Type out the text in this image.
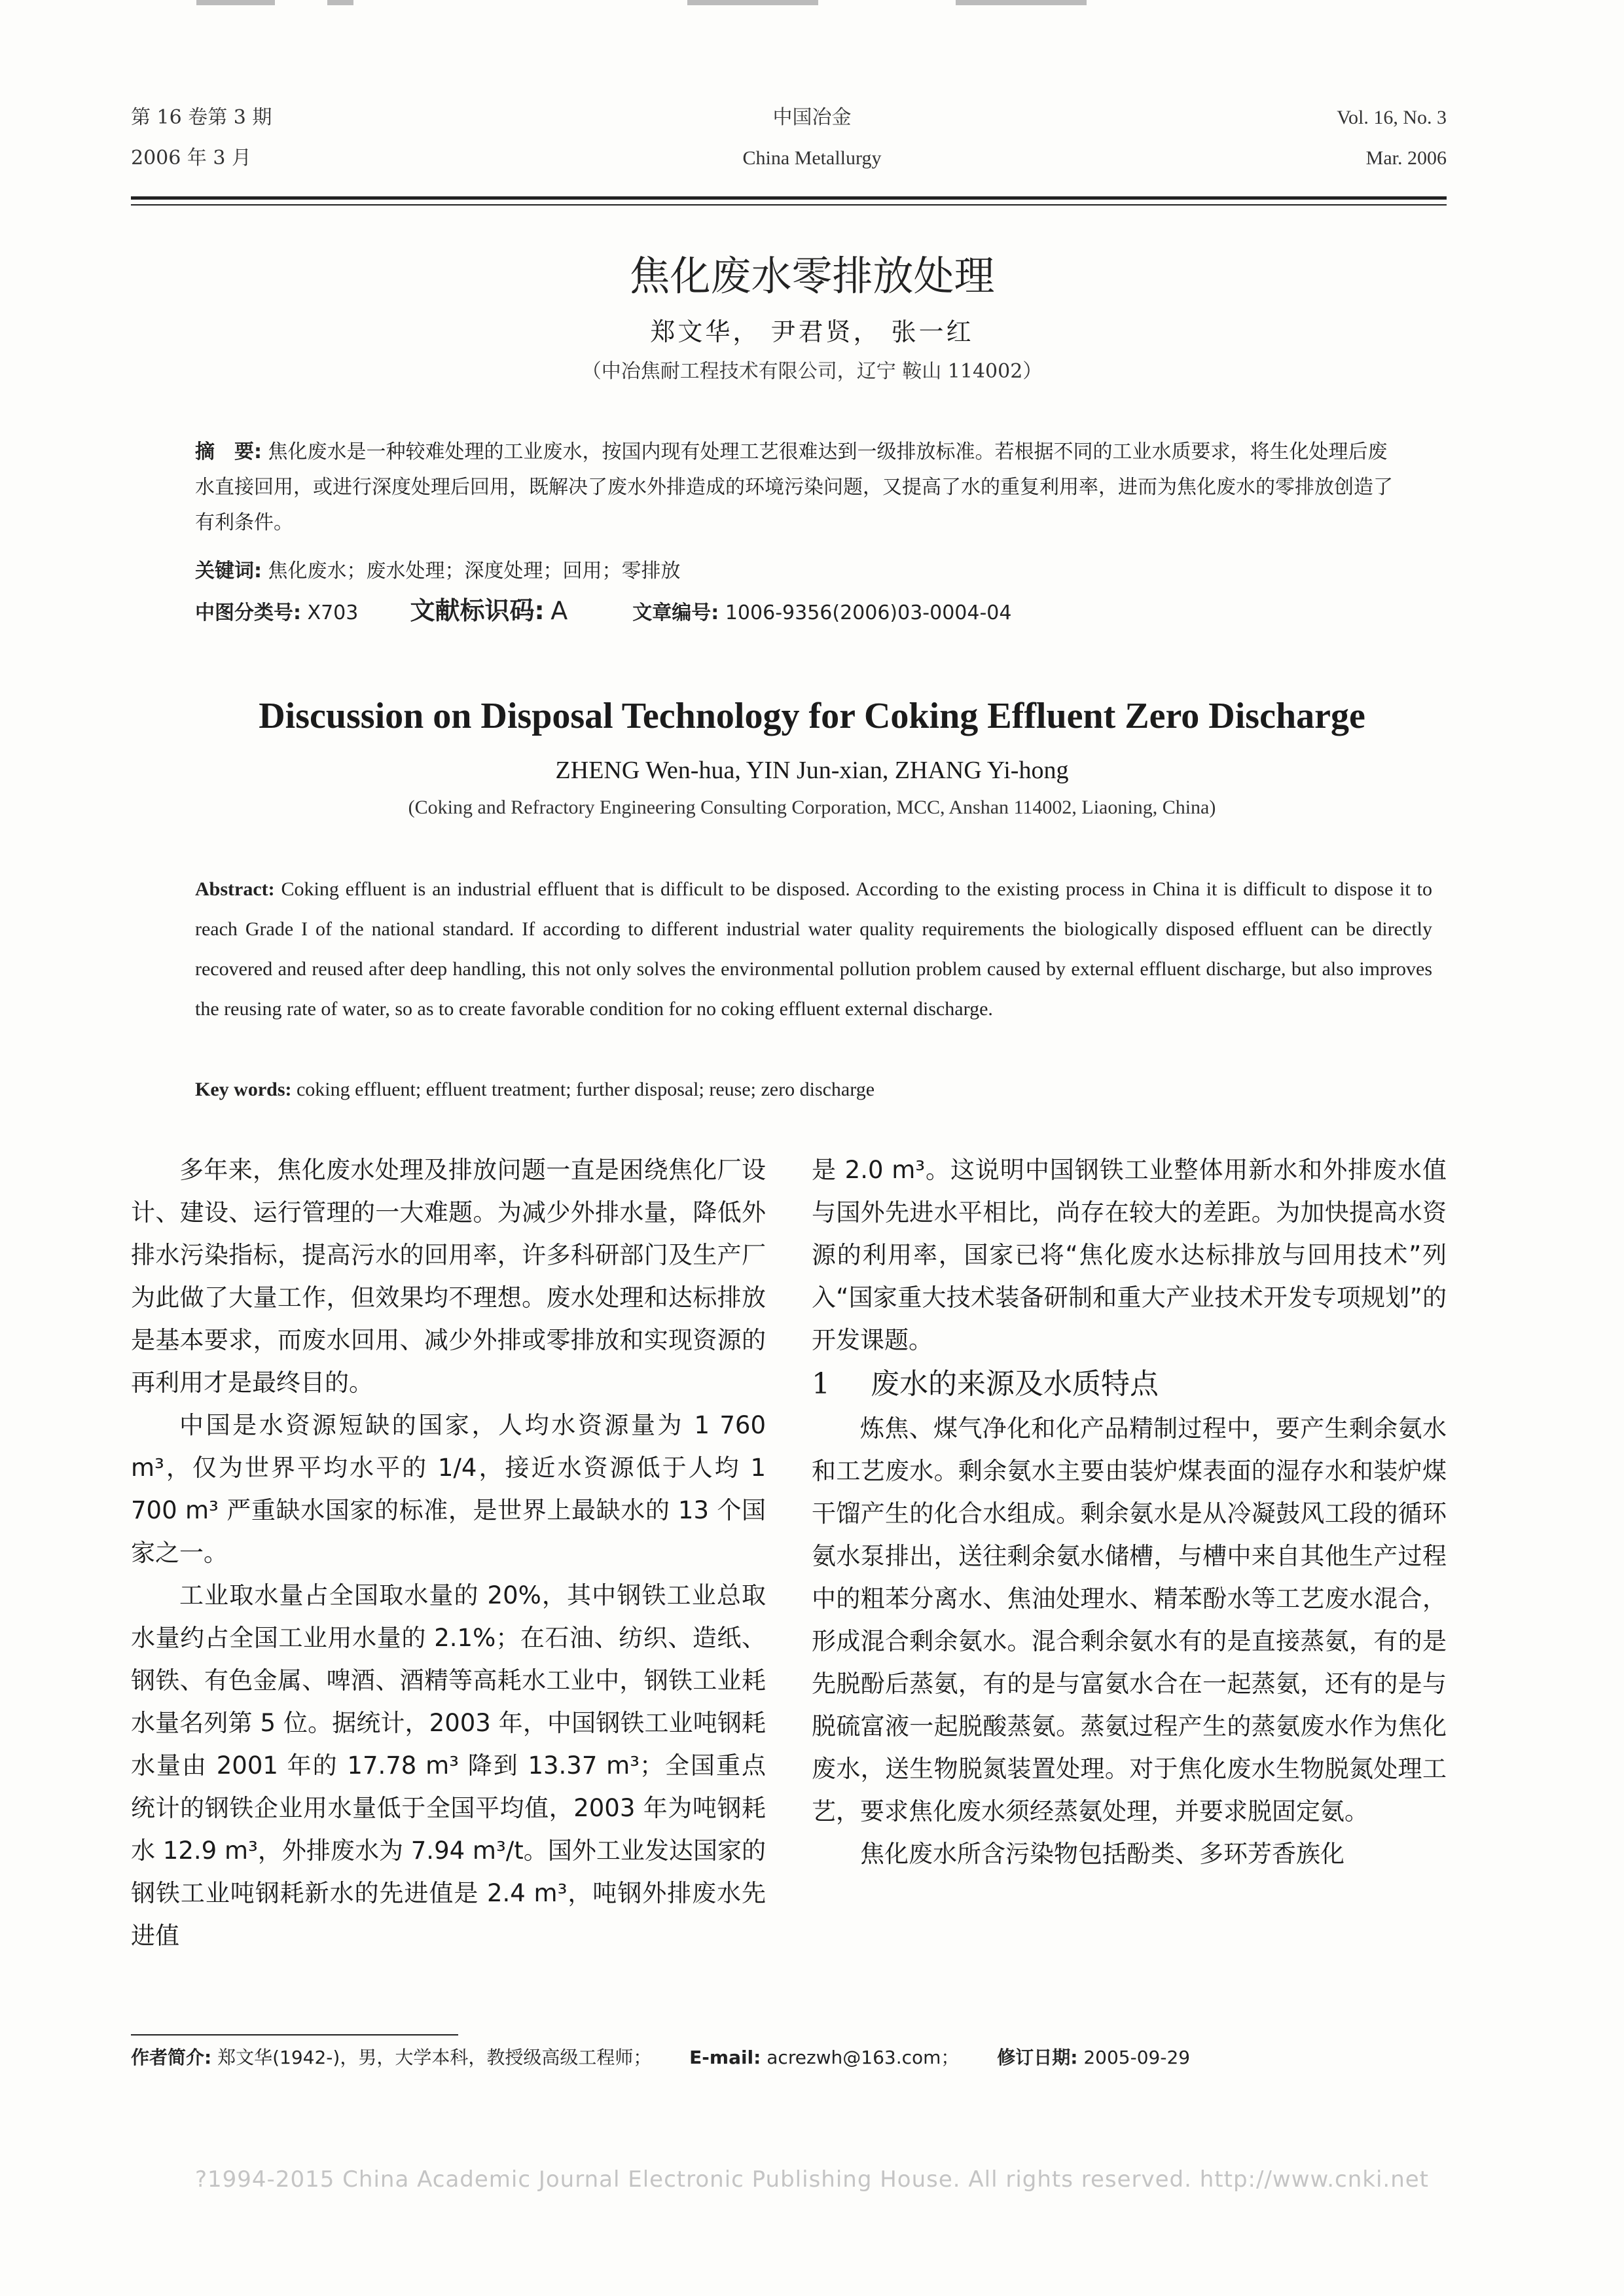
第 16 卷第 3 期
2006 年 3 月
中国冶金
China Metallurgy
Vol. 16, No. 3
Mar. 2006
焦化废水零排放处理
郑文华， 尹君贤， 张一红
（中冶焦耐工程技术有限公司，辽宁 鞍山 114002）
摘　要: 焦化废水是一种较难处理的工业废水，按国内现有处理工艺很难达到一级排放标准。若根据不同的工业水质要求，将生化处理后废水直接回用，或进行深度处理后回用，既解决了废水外排造成的环境污染问题，又提高了水的重复利用率，进而为焦化废水的零排放创造了有利条件。
关键词: 焦化废水；废水处理；深度处理；回用；零排放
中图分类号: X703 文献标识码: A	文章编号: 1006-9356(2006)03-0004-04
Discussion on Disposal Technology for Coking Effluent Zero Discharge
ZHENG Wen-hua, YIN Jun-xian, ZHANG Yi-hong
(Coking and Refractory Engineering Consulting Corporation, MCC, Anshan 114002, Liaoning, China)
Abstract: Coking effluent is an industrial effluent that is difficult to be disposed. According to the existing process in China it is difficult to dispose it to reach Grade I of the national standard. If according to different industrial water quality requirements the biologically disposed effluent can be directly recovered and reused after deep handling, this not only solves the environmental pollution problem caused by external effluent discharge, but also improves the reusing rate of water, so as to create favorable condition for no coking effluent external discharge.
Key words: coking effluent; effluent treatment; further disposal; reuse; zero discharge

多年来，焦化废水处理及排放问题一直是困绕焦化厂设计、建设、运行管理的一大难题。为减少外排水量，降低外排水污染指标，提高污水的回用率，许多科研部门及生产厂为此做了大量工作，但效果均不理想。废水处理和达标排放是基本要求，而废水回用、减少外排或零排放和实现资源的再利用才是最终目的。

中国是水资源短缺的国家，人均水资源量为 1 760 m³，仅为世界平均水平的 1/4，接近水资源低于人均 1 700 m³ 严重缺水国家的标准，是世界上最缺水的 13 个国家之一。

工业取水量占全国取水量的 20%，其中钢铁工业总取水量约占全国工业用水量的 2.1%；在石油、纺织、造纸、钢铁、有色金属、啤酒、酒精等高耗水工业中，钢铁工业耗水量名列第 5 位。据统计，2003 年，中国钢铁工业吨钢耗水量由 2001 年的 17.78 m³ 降到 13.37 m³；全国重点统计的钢铁企业用水量低于全国平均值，2003 年为吨钢耗水 12.9 m³，外排废水为 7.94 m³/t。国外工业发达国家的钢铁工业吨钢耗新水的先进值是 2.4 m³，吨钢外排废水先进值

是 2.0 m³。这说明中国钢铁工业整体用新水和外排废水值与国外先进水平相比，尚存在较大的差距。为加快提高水资源的利用率，国家已将“焦化废水达标排放与回用技术”列入“国家重大技术装备研制和重大产业技术开发专项规划”的开发课题。

1 废水的来源及水质特点

炼焦、煤气净化和化产品精制过程中，要产生剩余氨水和工艺废水。剩余氨水主要由装炉煤表面的湿存水和装炉煤干馏产生的化合水组成。剩余氨水是从冷凝鼓风工段的循环氨水泵排出，送往剩余氨水储槽，与槽中来自其他生产过程中的粗苯分离水、焦油处理水、精苯酚水等工艺废水混合，形成混合剩余氨水。混合剩余氨水有的是直接蒸氨，有的是先脱酚后蒸氨，有的是与富氨水合在一起蒸氨，还有的是与脱硫富液一起脱酸蒸氨。蒸氨过程产生的蒸氨废水作为焦化废水，送生物脱氮装置处理。对于焦化废水生物脱氮处理工艺，要求焦化废水须经蒸氨处理，并要求脱固定氨。

焦化废水所含污染物包括酚类、多环芳香族化

作者简介: 郑文华(1942-)，男，大学本科，教授级高级工程师； E-mail: acrezwh@163.com； 修订日期: 2005-09-29
?1994-2015 China Academic Journal Electronic Publishing House. All rights reserved. http://www.cnki.net
